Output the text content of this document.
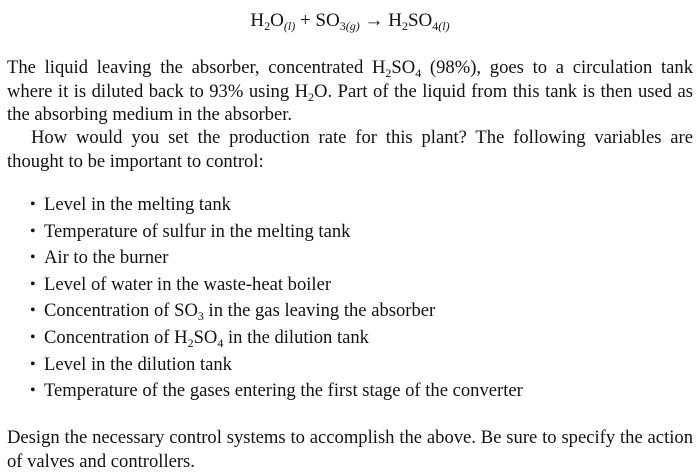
$H_2O_{(l)} + SO_{3(g)} \to H_2SO_{4(l)}$

The liquid leaving the absorber, concentrated $H_2SO_4$ (98%), goes to a circulation tank where it is diluted back to 93% using $H_2O$. Part of the liquid from this tank is then used as the absorbing medium in the absorber.

How would you set the production rate for this plant? The following variables are thought to be important to control:

• Level in the melting tank
• Temperature of sulfur in the melting tank
• Air to the burner
• Level of water in the waste-heat boiler
• Concentration of $SO_3$ in the gas leaving the absorber
• Concentration of $H_2SO_4$ in the dilution tank
• Level in the dilution tank
• Temperature of the gases entering the first stage of the converter

Design the necessary control systems to accomplish the above. Be sure to specify the action of valves and controllers.
